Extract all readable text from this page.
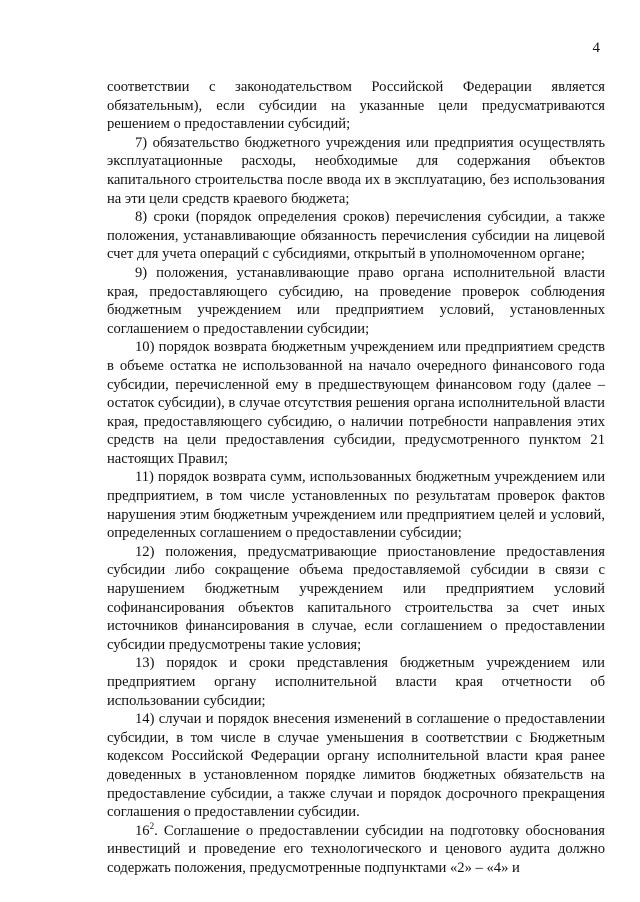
4

соответствии с законодательством Российской Федерации является обязательным), если субсидии на указанные цели предусматриваются решением о предоставлении субсидий;

7) обязательство бюджетного учреждения или предприятия осуществлять эксплуатационные расходы, необходимые для содержания объектов капитального строительства после ввода их в эксплуатацию, без использования на эти цели средств краевого бюджета;

8) сроки (порядок определения сроков) перечисления субсидии, а также положения, устанавливающие обязанность перечисления субсидии на лицевой счет для учета операций с субсидиями, открытый в уполномоченном органе;

9) положения, устанавливающие право органа исполнительной власти края, предоставляющего субсидию, на проведение проверок соблюдения бюджетным учреждением или предприятием условий, установленных соглашением о предоставлении субсидии;

10) порядок возврата бюджетным учреждением или предприятием средств в объеме остатка не использованной на начало очередного финансового года субсидии, перечисленной ему в предшествующем финансовом году (далее – остаток субсидии), в случае отсутствия решения органа исполнительной власти края, предоставляющего субсидию, о наличии потребности направления этих средств на цели предоставления субсидии, предусмотренного пунктом 21 настоящих Правил;

11) порядок возврата сумм, использованных бюджетным учреждением или предприятием, в том числе установленных по результатам проверок фактов нарушения этим бюджетным учреждением или предприятием целей и условий, определенных соглашением о предоставлении субсидии;

12) положения, предусматривающие приостановление предоставления субсидии либо сокращение объема предоставляемой субсидии в связи с нарушением бюджетным учреждением или предприятием условий софинансирования объектов капитального строительства за счет иных источников финансирования в случае, если соглашением о предоставлении субсидии предусмотрены такие условия;

13) порядок и сроки представления бюджетным учреждением или предприятием органу исполнительной власти края отчетности об использовании субсидии;

14) случаи и порядок внесения изменений в соглашение о предоставлении субсидии, в том числе в случае уменьшения в соответствии с Бюджетным кодексом Российской Федерации органу исполнительной власти края ранее доведенных в установленном порядке лимитов бюджетных обязательств на предоставление субсидии, а также случаи и порядок досрочного прекращения соглашения о предоставлении субсидии.

$16^2$. Соглашение о предоставлении субсидии на подготовку обоснования инвестиций и проведение его технологического и ценового аудита должно содержать положения, предусмотренные подпунктами «2» – «4» и
